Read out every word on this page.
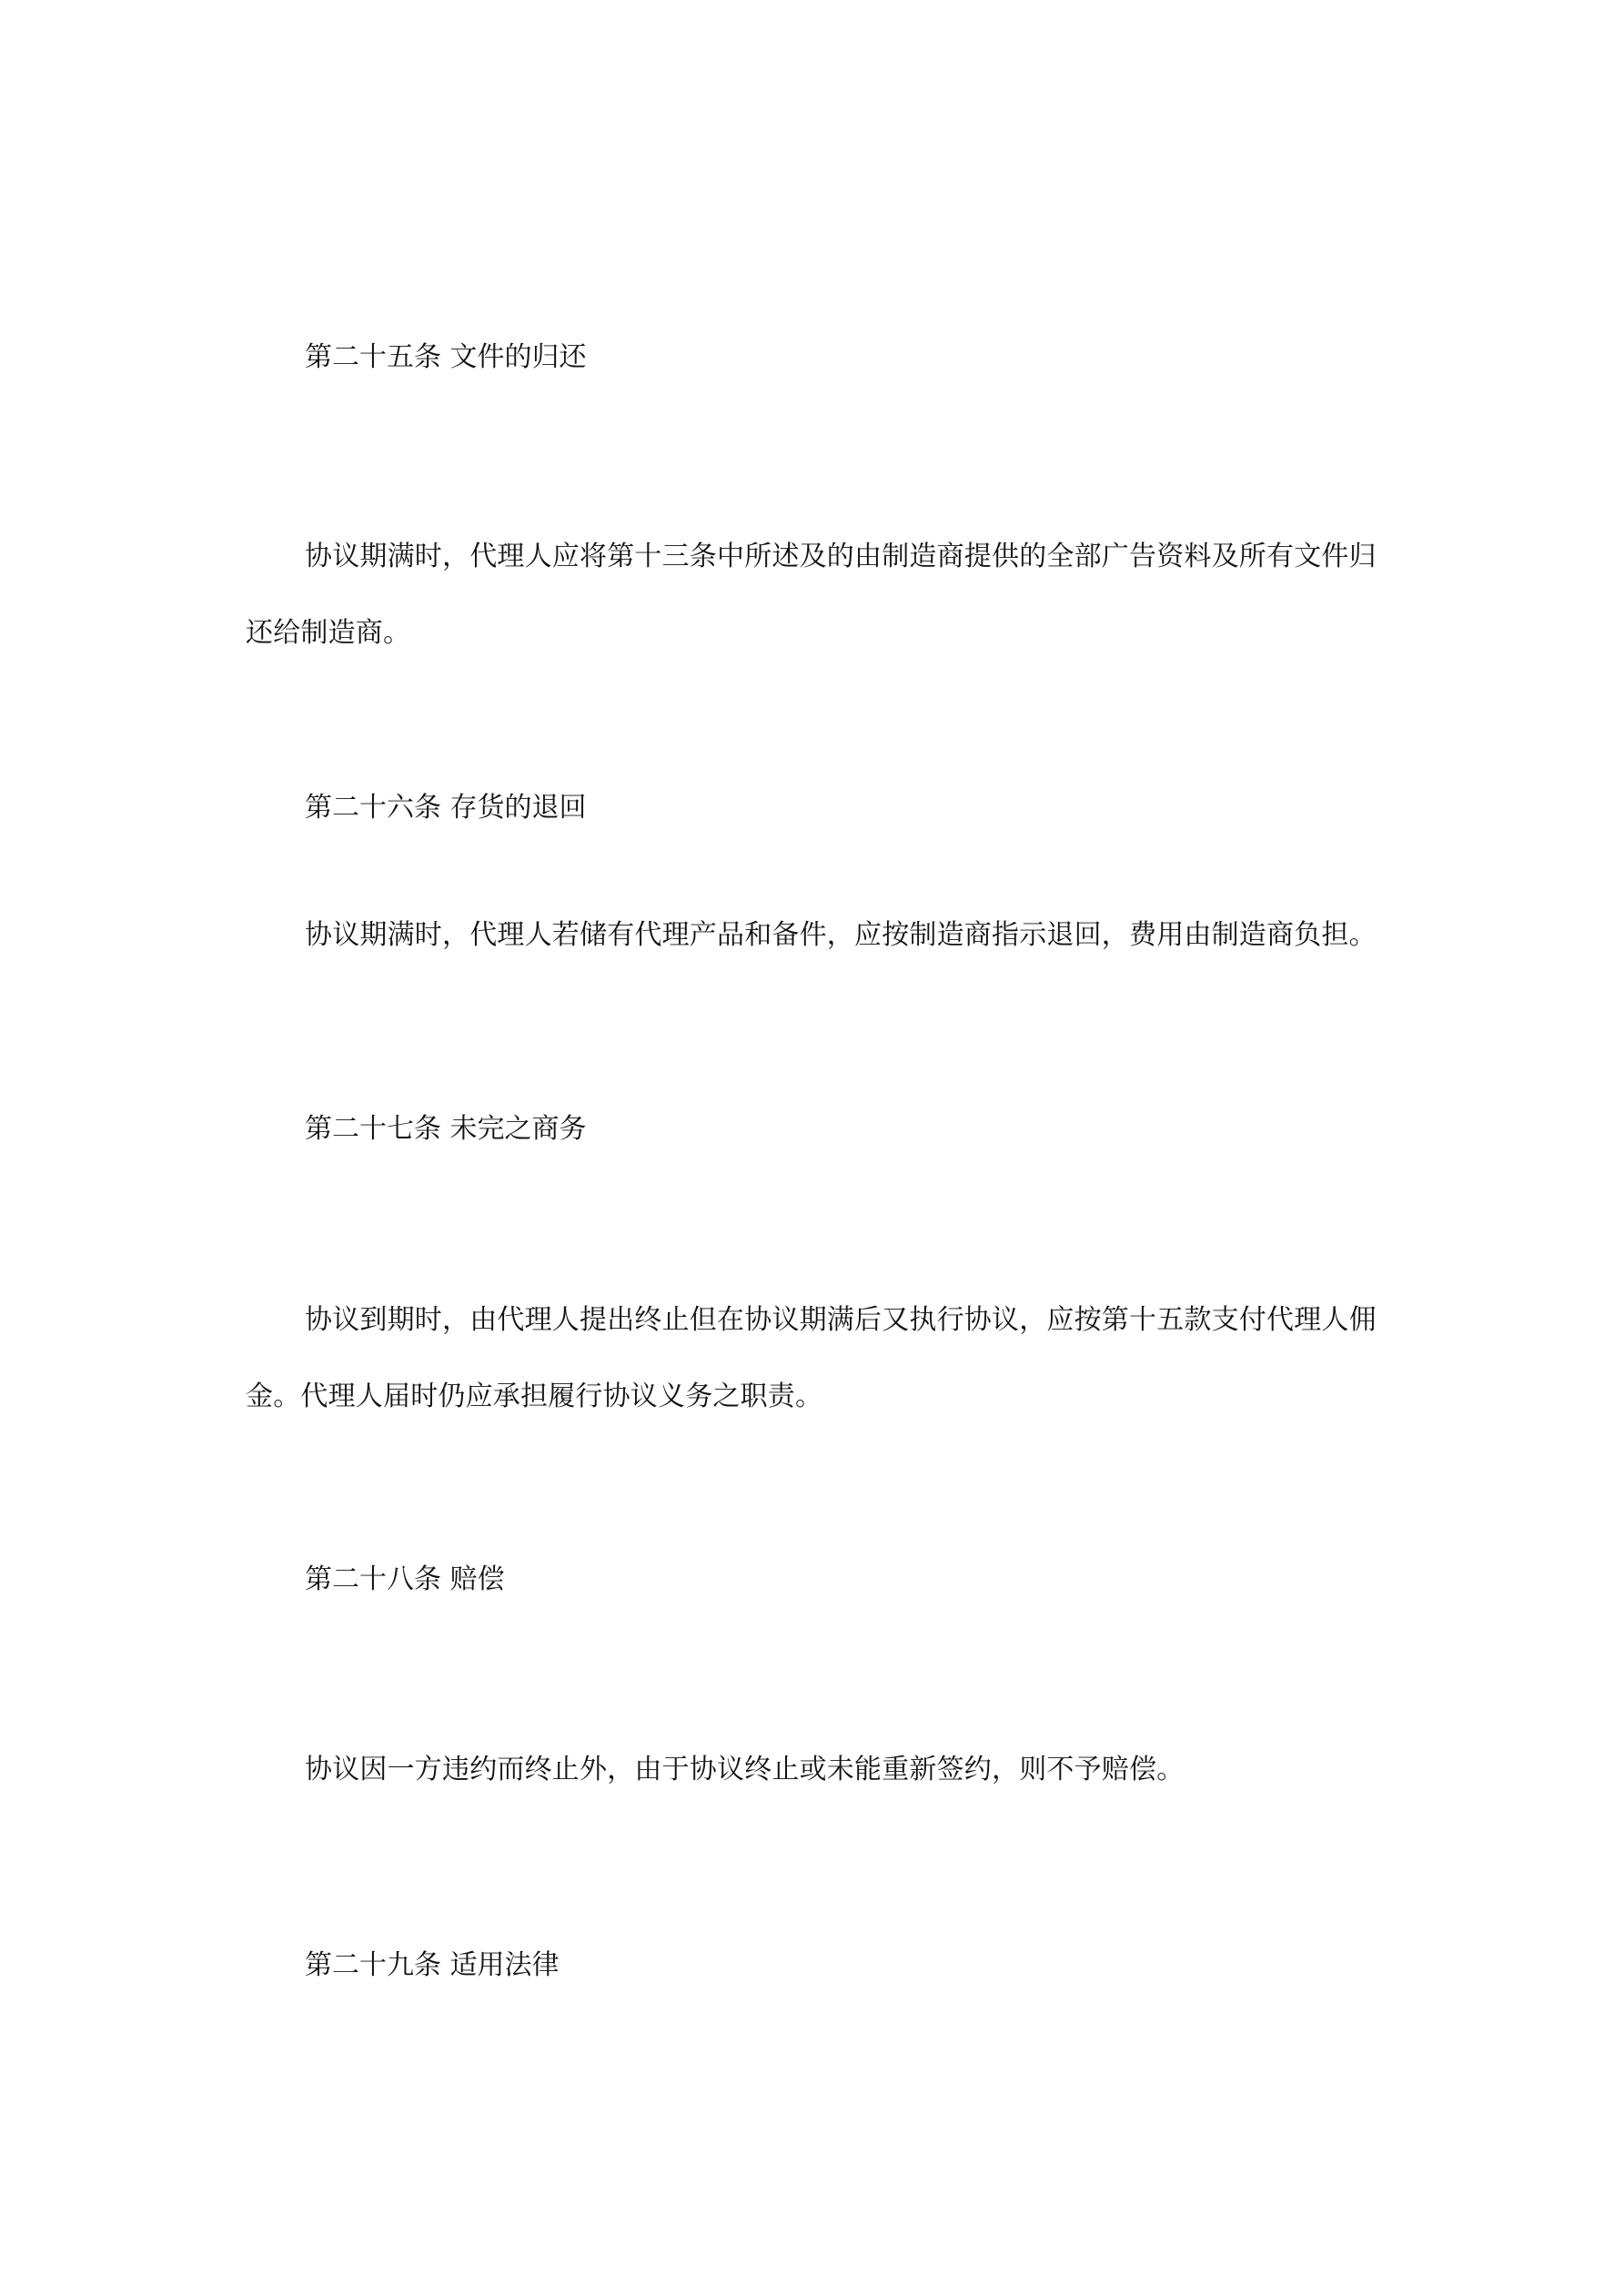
第二十五条 文件的归还
协议期满时，代理人应将第十三条中所述及的由制造商提供的全部广告资料及所有文件归还给制造商。
第二十六条 存货的退回
协议期满时，代理人若储有代理产品和备件，应按制造商指示退回，费用由制造商负担。
第二十七条 未完之商务
协议到期时，由代理人提出终止但在协议期满后又执行协议，应按第十五款支付代理人佣金。代理人届时仍应承担履行协议义务之职责。
第二十八条 赔偿
协议因一方违约而终止外，由于协议终止或未能重新签约，则不予赔偿。
第二十九条 适用法律
